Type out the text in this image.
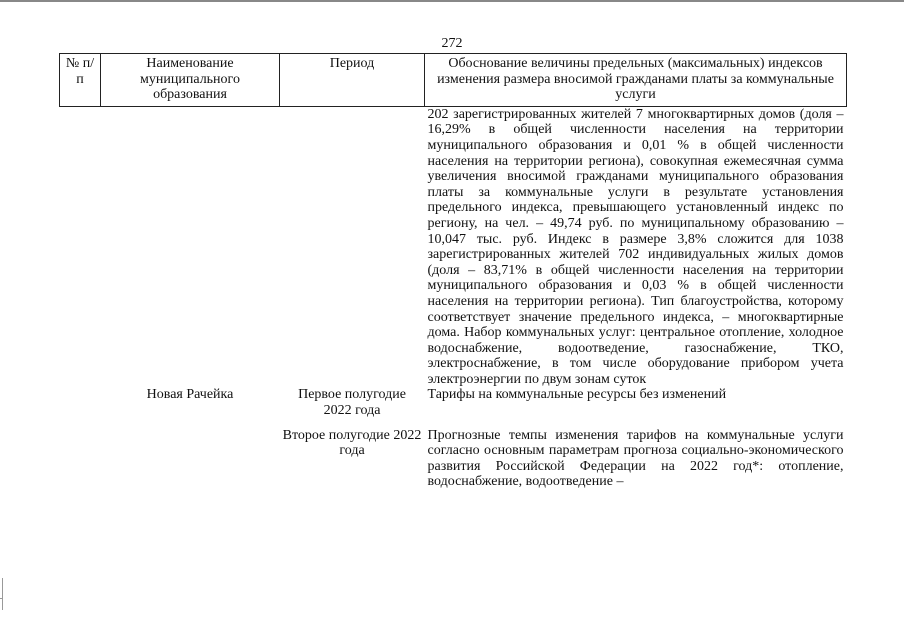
272
№ п/п	Наименование муниципального образования	Период	Обоснование величины предельных (максимальных) индексов изменения размера вносимой гражданами платы за коммунальные услуги
			202 зарегистрированных жителей 7 многоквартирных домов (доля – 16,29% в общей численности населения на территории муниципального образования и 0,01 % в общей численности населения на территории региона), совокупная ежемесячная сумма увеличения вносимой гражданами муниципального образования платы за коммунальные услуги в результате установления предельного индекса, превышающего установленный индекс по региону, на чел. – 49,74 руб. по муниципальному образованию – 10,047 тыс. руб. Индекс в размере 3,8% сложится для 1038 зарегистрированных жителей 702 индивидуальных жилых домов (доля – 83,71% в общей численности населения на территории муниципального образования и 0,03 % в общей численности населения на территории региона). Тип благоустройства, которому соответствует значение предельного индекса, – многоквартирные дома. Набор коммунальных услуг: центральное отопление, холодное водоснабжение, водоотведение, газоснабжение, ТКО, электроснабжение, в том числе оборудование прибором учета электроэнергии по двум зонам суток
	Новая Рачейка	Первое полугодие 2022 года	Тарифы на коммунальные ресурсы без изменений
		Второе полугодие 2022 года	Прогнозные темпы изменения тарифов на коммунальные услуги согласно основным параметрам прогноза социально-экономического развития Российской Федерации на 2022 год*: отопление, водоснабжение, водоотведение –
